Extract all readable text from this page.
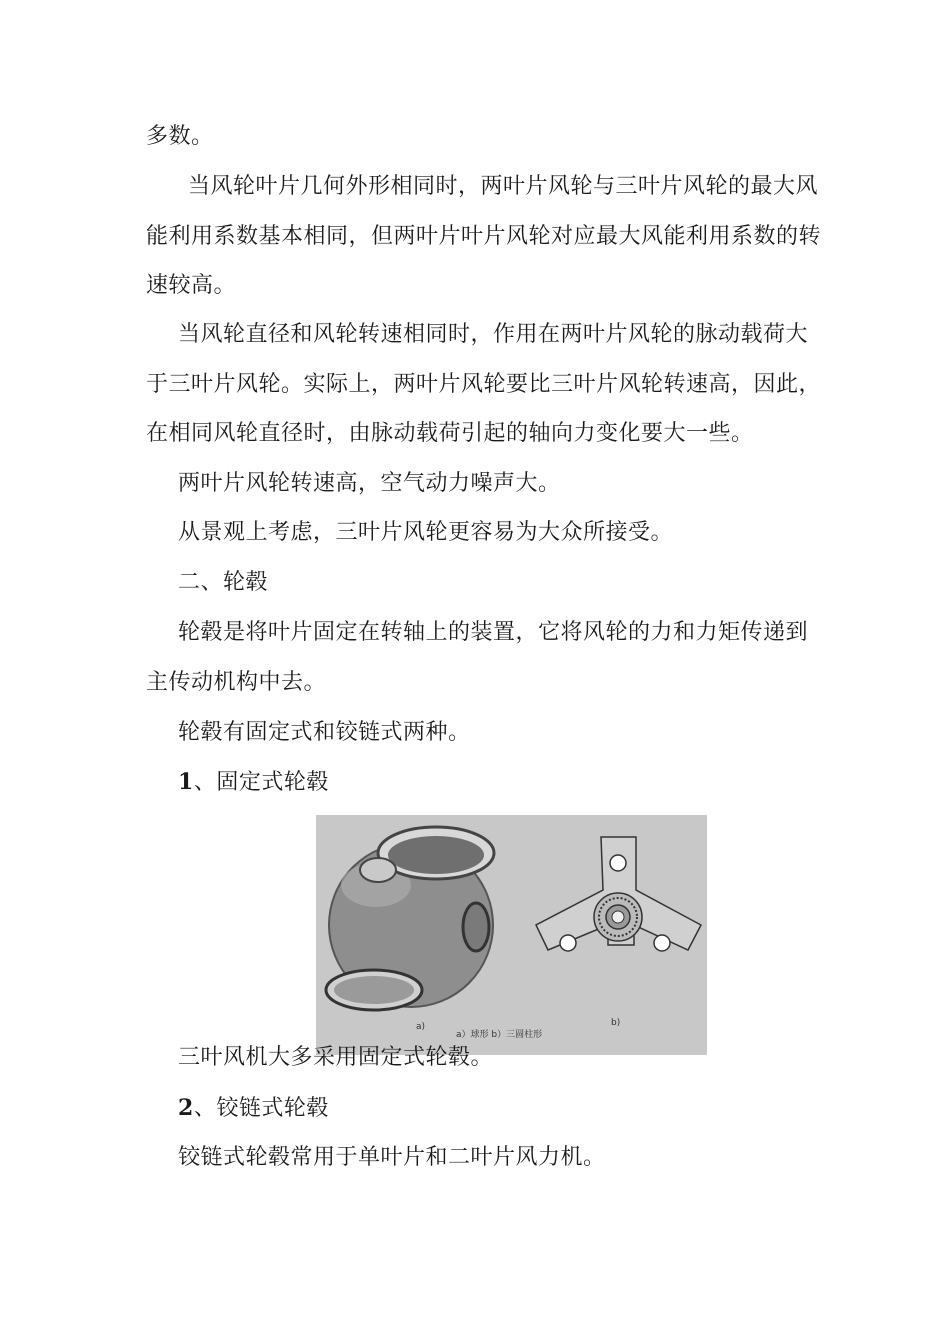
多数。
当风轮叶片几何外形相同时，两叶片风轮与三叶片风轮的最大风
能利用系数基本相同，但两叶片叶片风轮对应最大风能利用系数的转
速较高。
当风轮直径和风轮转速相同时，作用在两叶片风轮的脉动载荷大
于三叶片风轮。实际上，两叶片风轮要比三叶片风轮转速高，因此，
在相同风轮直径时，由脉动载荷引起的轴向力变化要大一些。
两叶片风轮转速高，空气动力噪声大。
从景观上考虑，三叶片风轮更容易为大众所接受。
二、轮毂
轮毂是将叶片固定在转轴上的装置，它将风轮的力和力矩传递到
主传动机构中去。
轮毂有固定式和铰链式两种。
1、固定式轮毂
a)	b)
a）球形 b）三圆柱形
三叶风机大多采用固定式轮毂。
2、铰链式轮毂
铰链式轮毂常用于单叶片和二叶片风力机。
